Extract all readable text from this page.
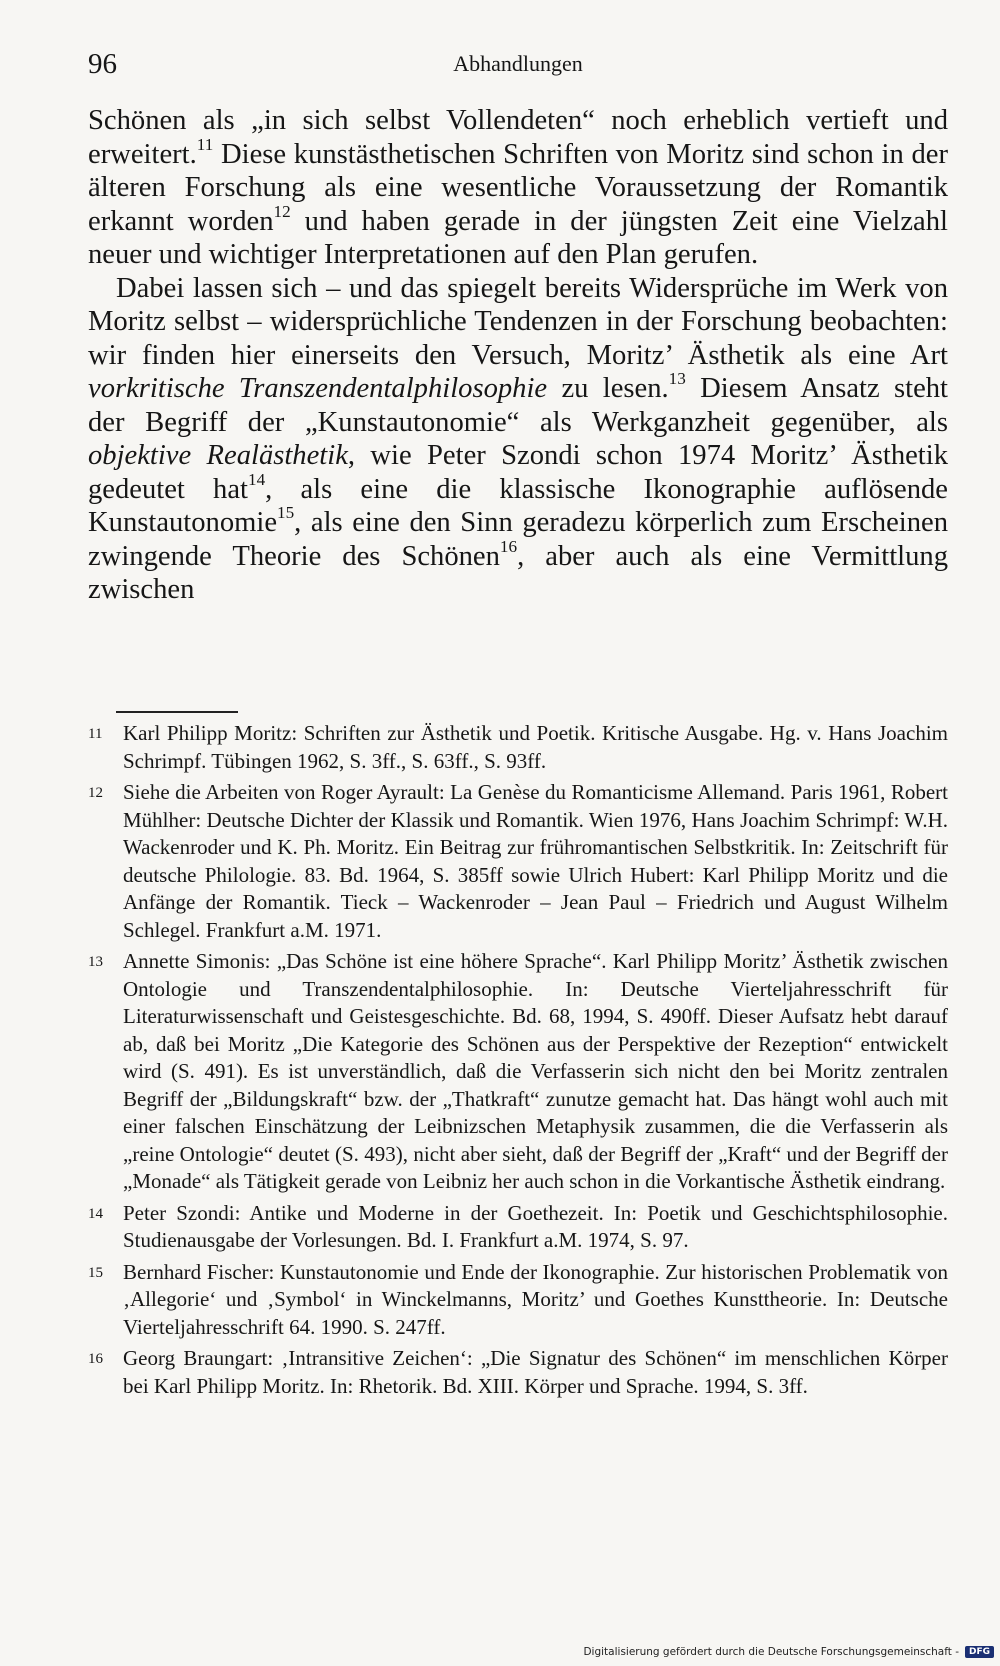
96	Abhandlungen

Schönen als „in sich selbst Vollendeten“ noch erheblich vertieft und erweitert.$^{11}$ Diese kunstästhetischen Schriften von Moritz sind schon in der älteren Forschung als eine wesentliche Voraussetzung der Romantik erkannt worden$^{12}$ und haben gerade in der jüngsten Zeit eine Vielzahl neuer und wichtiger Interpretationen auf den Plan gerufen.

Dabei lassen sich – und das spiegelt bereits Widersprüche im Werk von Moritz selbst – widersprüchliche Tendenzen in der Forschung beobachten: wir finden hier einerseits den Versuch, Moritz’ Ästhetik als eine Art vorkritische Transzendentalphilosophie zu lesen.$^{13}$ Diesem Ansatz steht der Begriff der „Kunstautonomie“ als Werkganzheit gegenüber, als objektive Realästhetik, wie Peter Szondi schon 1974 Moritz’ Ästhetik gedeutet hat$^{14}$, als eine die klassische Ikonographie auflösende Kunstautonomie$^{15}$, als eine den Sinn geradezu körperlich zum Erscheinen zwingende Theorie des Schönen$^{16}$, aber auch als eine Vermittlung zwischen

11 Karl Philipp Moritz: Schriften zur Ästhetik und Poetik. Kritische Ausgabe. Hg. v. Hans Joachim Schrimpf. Tübingen 1962, S. 3ff., S. 63ff., S. 93ff.
12 Siehe die Arbeiten von Roger Ayrault: La Genèse du Romanticisme Allemand. Paris 1961, Robert Mühlher: Deutsche Dichter der Klassik und Romantik. Wien 1976, Hans Joachim Schrimpf: W.H. Wackenroder und K. Ph. Moritz. Ein Beitrag zur frühromantischen Selbstkritik. In: Zeitschrift für deutsche Philologie. 83. Bd. 1964, S. 385ff sowie Ulrich Hubert: Karl Philipp Moritz und die Anfänge der Romantik. Tieck – Wackenroder – Jean Paul – Friedrich und August Wilhelm Schlegel. Frankfurt a.M. 1971.
13 Annette Simonis: „Das Schöne ist eine höhere Sprache“. Karl Philipp Moritz’ Ästhetik zwischen Ontologie und Transzendentalphilosophie. In: Deutsche Vierteljahresschrift für Literaturwissenschaft und Geistesgeschichte. Bd. 68, 1994, S. 490ff. Dieser Aufsatz hebt darauf ab, daß bei Moritz „Die Kategorie des Schönen aus der Perspektive der Rezeption“ entwickelt wird (S. 491). Es ist unverständlich, daß die Verfasserin sich nicht den bei Moritz zentralen Begriff der „Bildungskraft“ bzw. der „Thatkraft“ zunutze gemacht hat. Das hängt wohl auch mit einer falschen Einschätzung der Leibnizschen Metaphysik zusammen, die die Verfasserin als „reine Ontologie“ deutet (S. 493), nicht aber sieht, daß der Begriff der „Kraft“ und der Begriff der „Monade“ als Tätigkeit gerade von Leibniz her auch schon in die Vorkantische Ästhetik eindrang.
14 Peter Szondi: Antike und Moderne in der Goethezeit. In: Poetik und Geschichtsphilosophie. Studienausgabe der Vorlesungen. Bd. I. Frankfurt a.M. 1974, S. 97.
15 Bernhard Fischer: Kunstautonomie und Ende der Ikonographie. Zur historischen Problematik von ‚Allegorie‘ und ‚Symbol‘ in Winckelmanns, Moritz’ und Goethes Kunsttheorie. In: Deutsche Vierteljahresschrift 64. 1990. S. 247ff.
16 Georg Braungart: ‚Intransitive Zeichen‘: „Die Signatur des Schönen“ im menschlichen Körper bei Karl Philipp Moritz. In: Rhetorik. Bd. XIII. Körper und Sprache. 1994, S. 3ff.
Digitalisierung gefördert durch die Deutsche Forschungsgemeinschaft -	DFG
